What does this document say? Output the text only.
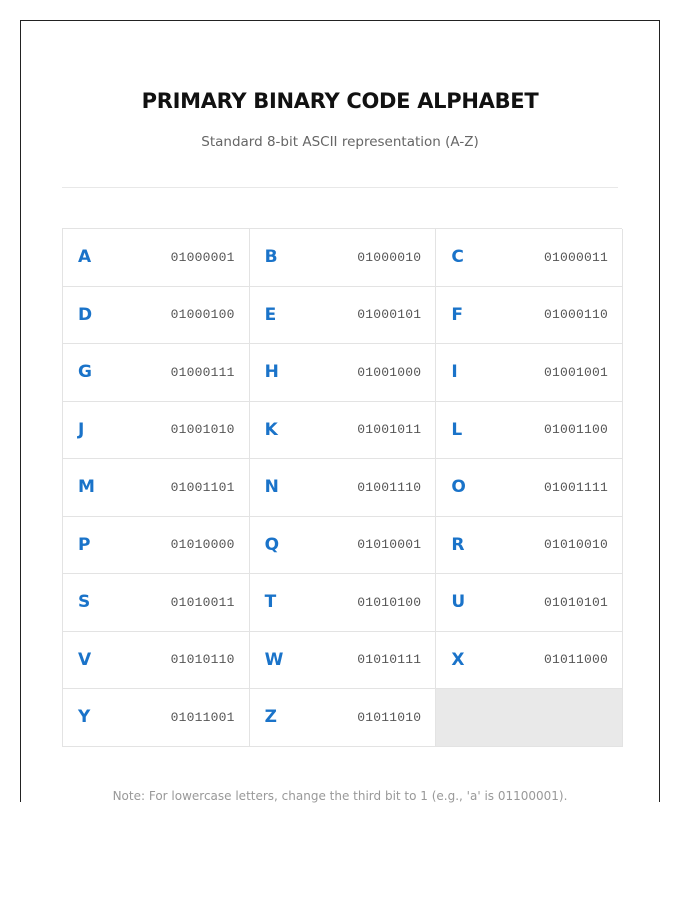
PRIMARY BINARY CODE ALPHABET
Standard 8-bit ASCII representation (A-Z)
A	01000001 B	01000010 C	01000011
D	01000100 E	01000101 F	01000110
G	01000111 H	01001000 I	01001001
J	01001010 K	01001011 L	01001100
M	01001101 N	01001110 O	01001111
P	01010000 Q	01010001 R	01010010
S	01010011 T	01010100 U	01010101
V	01010110 W	01010111 X	01011000
Y	01011001 Z	01011010
Note: For lowercase letters, change the third bit to 1 (e.g., 'a' is 01100001).
